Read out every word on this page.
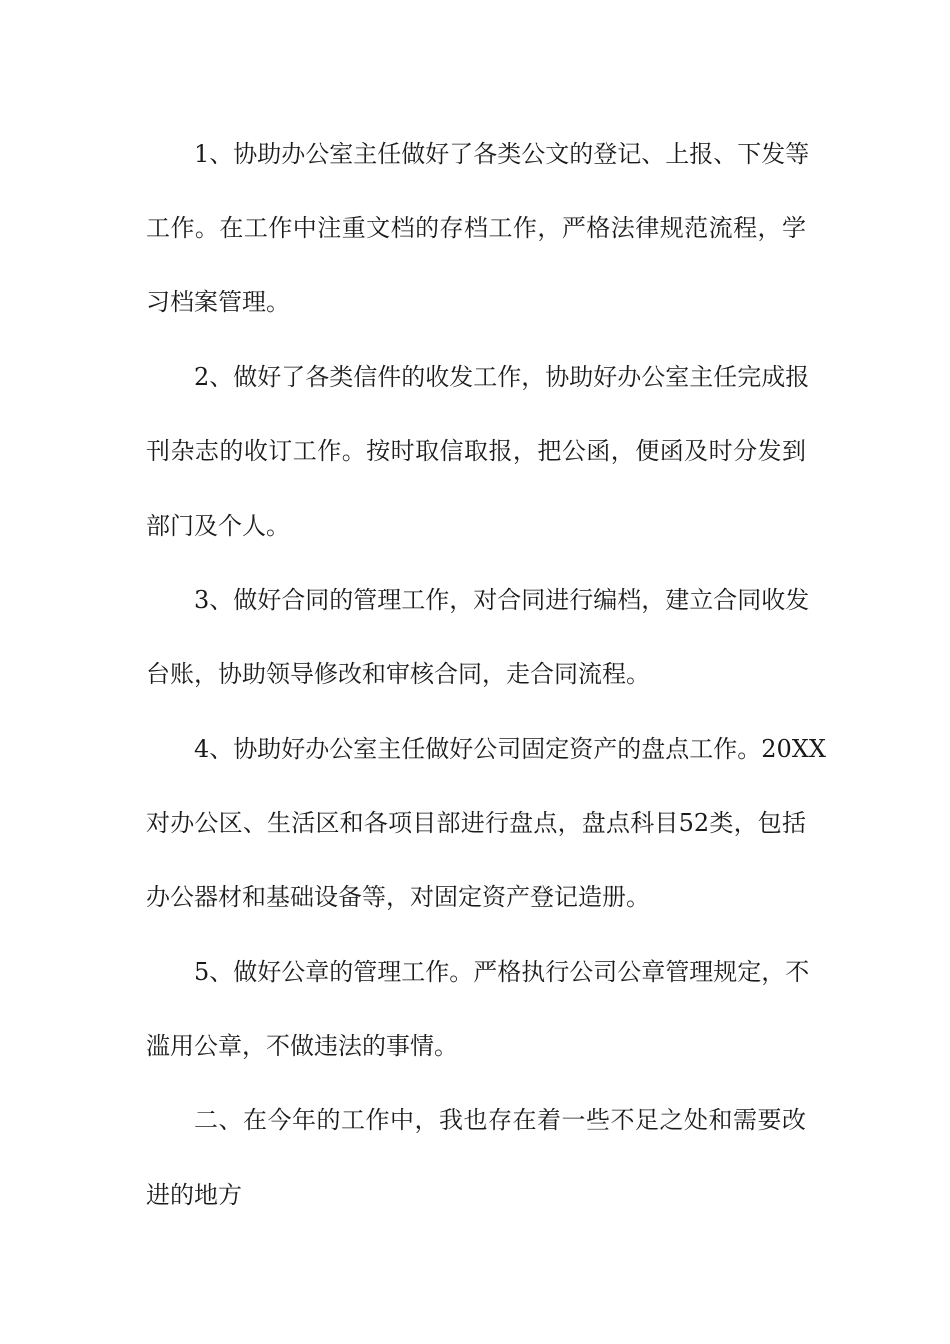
1、协助办公室主任做好了各类公文的登记、上报、下发等
工作。在工作中注重文档的存档工作，严格法律规范流程，学
习档案管理。
2、做好了各类信件的收发工作，协助好办公室主任完成报
刊杂志的收订工作。按时取信取报，把公函，便函及时分发到
部门及个人。
3、做好合同的管理工作，对合同进行编档，建立合同收发
台账，协助领导修改和审核合同，走合同流程。
4、协助好办公室主任做好公司固定资产的盘点工作。20XX
对办公区、生活区和各项目部进行盘点，盘点科目52类，包括
办公器材和基础设备等，对固定资产登记造册。
5、做好公章的管理工作。严格执行公司公章管理规定，不
滥用公章，不做违法的事情。
二、在今年的工作中，我也存在着一些不足之处和需要改
进的地方
